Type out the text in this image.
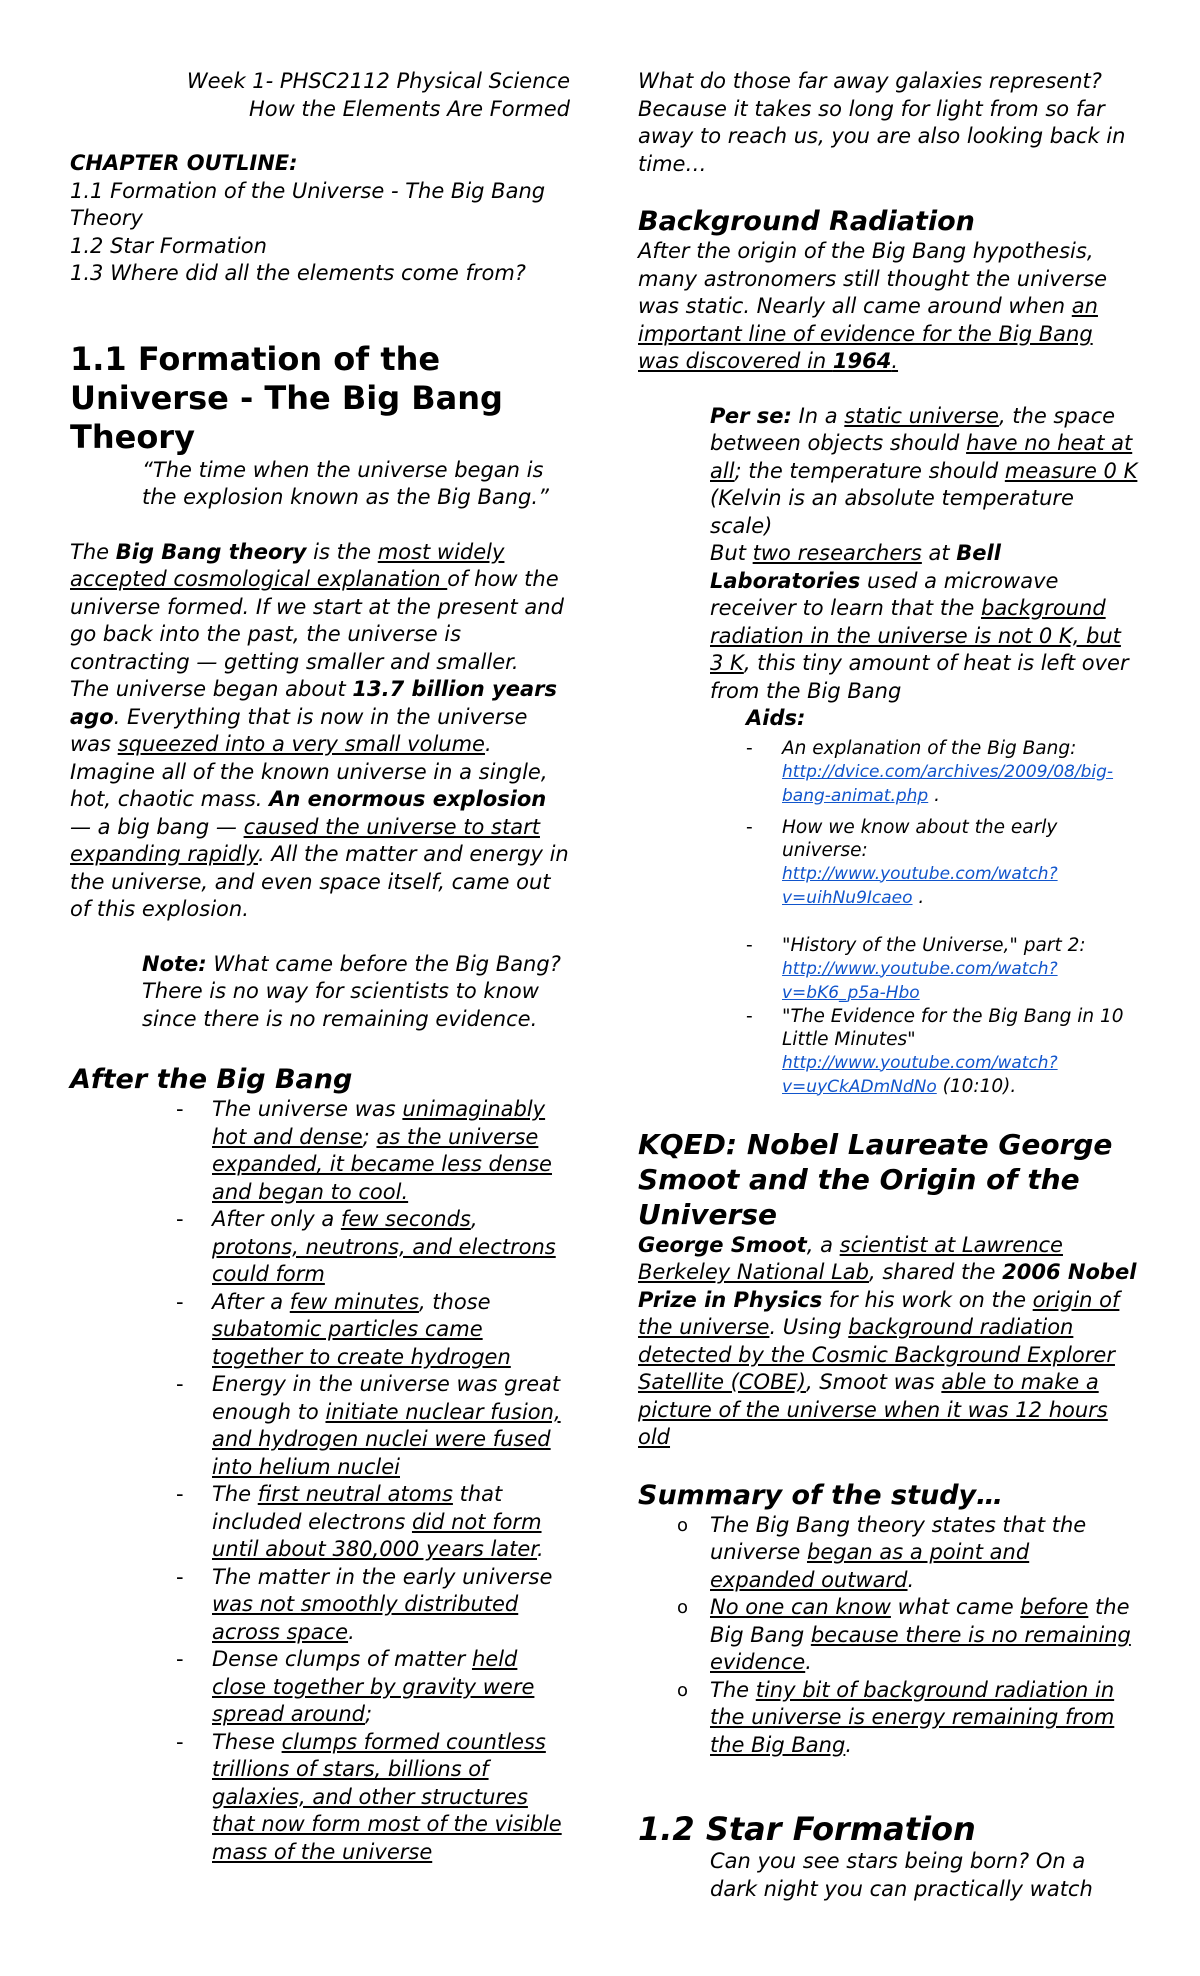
Week 1- PHSC2112 Physical Science
How the Elements Are Formed
CHAPTER OUTLINE:
1.1 Formation of the Universe - The Big Bang Theory
1.2 Star Formation
1.3 Where did all the elements come from?
1.1 Formation of the Universe - The Big Bang Theory
“The time when the universe began is the explosion known as the Big Bang.”

The Big Bang theory is the most widely accepted cosmological explanation of how the universe formed. If we start at the present and go back into the past, the universe is contracting — getting smaller and smaller.

The universe began about 13.7 billion years ago. Everything that is now in the universe was squeezed into a very small volume. Imagine all of the known universe in a single, hot, chaotic mass. An enormous explosion — a big bang — caused the universe to start expanding rapidly. All the matter and energy in the universe, and even space itself, came out of this explosion.

Note: What came before the Big Bang? There is no way for scientists to know since there is no remaining evidence.

After the Big Bang
- The universe was unimaginably hot and dense; as the universe expanded, it became less dense and began to cool.
- After only a few seconds, protons, neutrons, and electrons could form
- After a few minutes, those subatomic particles came together to create hydrogen
- Energy in the universe was great enough to initiate nuclear fusion, and hydrogen nuclei were fused into helium nuclei
- The first neutral atoms that included electrons did not form until about 380,000 years later.
- The matter in the early universe was not smoothly distributed across space.
- Dense clumps of matter held close together by gravity were spread around;
- These clumps formed countless trillions of stars, billions of galaxies, and other structures that now form most of the visible mass of the universe

What do those far away galaxies represent? Because it takes so long for light from so far away to reach us, you are also looking back in time…

Background Radiation

After the origin of the Big Bang hypothesis, many astronomers still thought the universe was static. Nearly all came around when an important line of evidence for the Big Bang was discovered in 1964.

Per se: In a static universe, the space between objects should have no heat at all; the temperature should measure 0 K (Kelvin is an absolute temperature scale)

But two researchers at Bell Laboratories used a microwave receiver to learn that the background radiation in the universe is not 0 K, but 3 K, this tiny amount of heat is left over from the Big Bang

Aids:
- An explanation of the Big Bang:
http://dvice.com/archives/2009/08/big-bang-animat.php .
- How we know about the early universe:
http://www.youtube.com/watch?v=uihNu9Icaeo .
- "History of the Universe," part 2:
http://www.youtube.com/watch?v=bK6_p5a-Hbo
- "The Evidence for the Big Bang in 10 Little Minutes"
http://www.youtube.com/watch?v=uyCkADmNdNo (10:10).
KQED: Nobel Laureate George Smoot and the Origin of the Universe

George Smoot, a scientist at Lawrence Berkeley National Lab, shared the 2006 Nobel Prize in Physics for his work on the origin of the universe. Using background radiation detected by the Cosmic Background Explorer Satellite (COBE), Smoot was able to make a picture of the universe when it was 12 hours old

Summary of the study…
o The Big Bang theory states that the universe began as a point and expanded outward.
o No one can know what came before the Big Bang because there is no remaining evidence.
o The tiny bit of background radiation in the universe is energy remaining from the Big Bang.
1.2 Star Formation

Can you see stars being born? On a dark night you can practically watch
